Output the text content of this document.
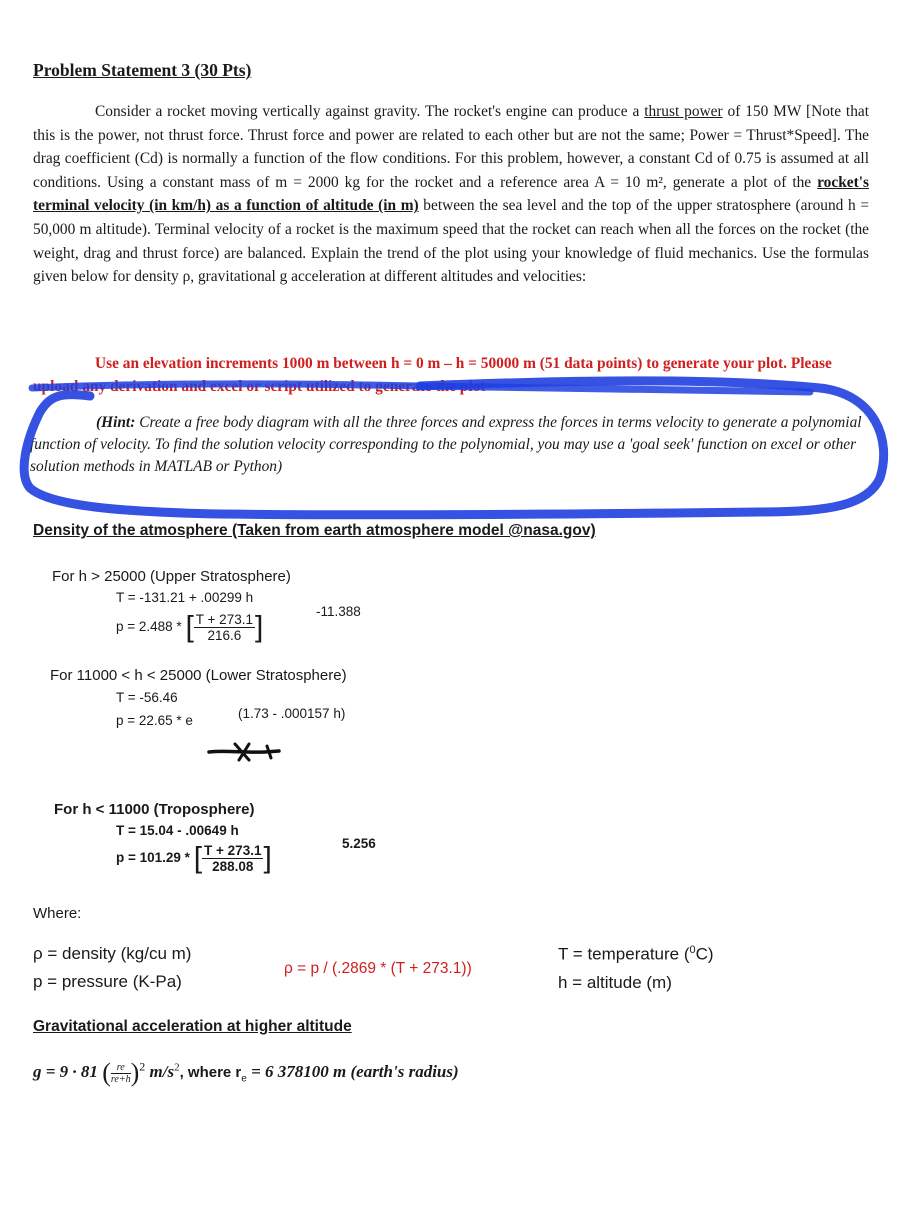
Problem Statement 3 (30 Pts)
Consider a rocket moving vertically against gravity. The rocket's engine can produce a thrust power of 150 MW [Note that this is the power, not thrust force. Thrust force and power are related to each other but are not the same; Power = Thrust*Speed]. The drag coefficient (Cd) is normally a function of the flow conditions. For this problem, however, a constant Cd of 0.75 is assumed at all conditions. Using a constant mass of m = 2000 kg for the rocket and a reference area A = 10 m², generate a plot of the rocket's terminal velocity (in km/h) as a function of altitude (in m) between the sea level and the top of the upper stratosphere (around h = 50,000 m altitude). Terminal velocity of a rocket is the maximum speed that the rocket can reach when all the forces on the rocket (the weight, drag and thrust force) are balanced. Explain the trend of the plot using your knowledge of fluid mechanics. Use the formulas given below for density ρ, gravitational g acceleration at different altitudes and velocities:
Use an elevation increments 1000 m between h = 0 m – h = 50000 m (51 data points) to generate your plot. Please upload any derivation and excel or script utilized to generate the plot
(Hint: Create a free body diagram with all the three forces and express the forces in terms velocity to generate a polynomial function of velocity. To find the solution velocity corresponding to the polynomial, you may use a 'goal seek' function on excel or other solution methods in MATLAB or Python)
Density of the atmosphere (Taken from earth atmosphere model @nasa.gov)
For h > 25000 (Upper Stratosphere)
T = -131.21 + .00299 h
p = 2.488 * [ $\frac{T + 273.1}{216.6}$ ]	-11.388
For 11000 < h < 25000 (Lower Stratosphere)
T = -56.46
p = 22.65 * e	(1.73 - .000157 h)
For h < 11000 (Troposphere)
T = 15.04 - .00649 h
p = 101.29 * [ $\frac{T + 273.1}{288.08}$ ]	5.256
Where:
ρ = density (kg/cu m)
p = pressure (K-Pa)
ρ = p / (.2869 * (T + 273.1))
T = temperature ($^0$C)
h = altitude (m)
Gravitational acceleration at higher altitude
g = 9 · 81 ( $\frac{re}{re+h} )^2$ $m/s^2$, where $r_e = 6$ 378100 m (earth's radius)
